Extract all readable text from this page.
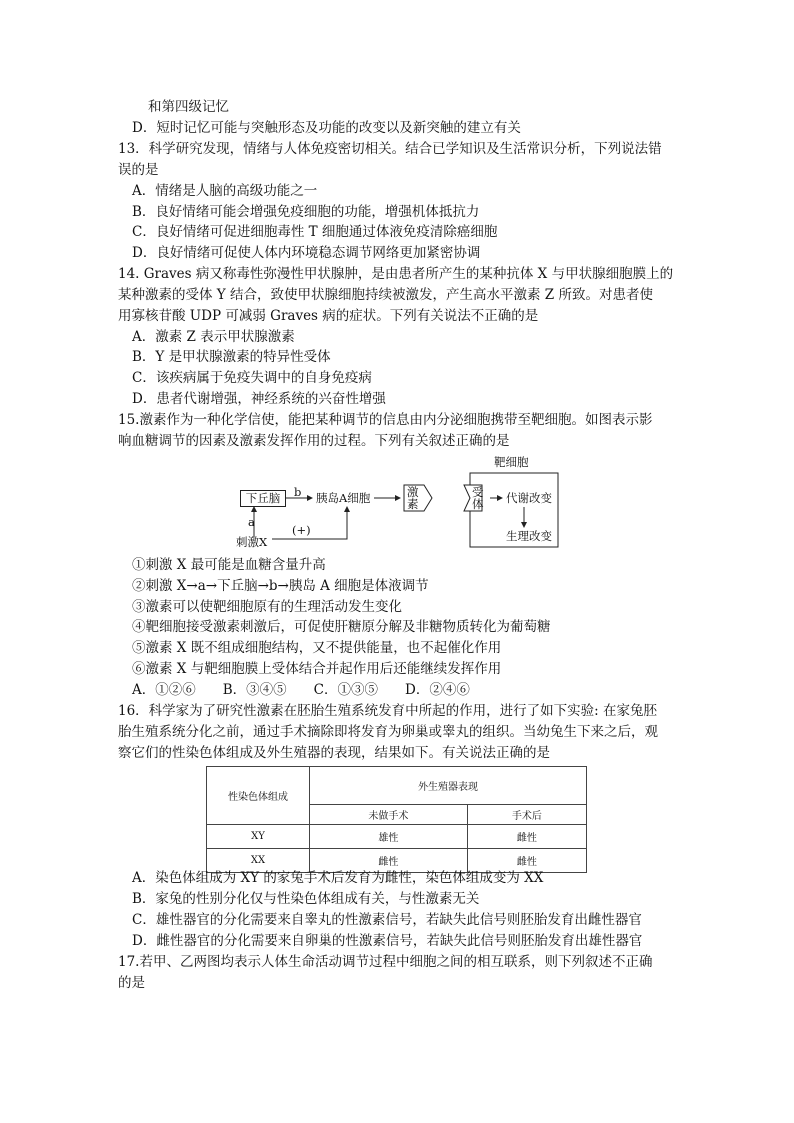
和第四级记忆
D．短时记忆可能与突触形态及功能的改变以及新突触的建立有关
13．科学研究发现，情绪与人体免疫密切相关。结合已学知识及生活常识分析，下列说法错
误的是
A．情绪是人脑的高级功能之一
B．良好情绪可能会增强免疫细胞的功能，增强机体抵抗力
C．良好情绪可促进细胞毒性 T 细胞通过体液免疫清除癌细胞
D．良好情绪可促使人体内环境稳态调节网络更加紧密协调
14. Graves 病又称毒性弥漫性甲状腺肿，是由患者所产生的某种抗体 X 与甲状腺细胞膜上的
某种激素的受体 Y 结合，致使甲状腺细胞持续被激发，产生高水平激素 Z 所致。对患者使
用寡核苷酸 UDP 可减弱 Graves 病的症状。下列有关说法不正确的是
A．激素 Z 表示甲状腺激素
B．Y 是甲状腺激素的特异性受体
C．该疾病属于免疫失调中的自身免疫病
D．患者代谢增强，神经系统的兴奋性增强
15.激素作为一种化学信使，能把某种调节的信息由内分泌细胞携带至靶细胞。如图表示影
响血糖调节的因素及激素发挥作用的过程。下列有关叙述正确的是
靶细胞
下丘脑	b 胰岛A细胞	激素
受体 代谢改变
生理改变
a
(+)
刺激X
①刺激 X 最可能是血糖含量升高
②刺激 X→a→下丘脑→b→胰岛 A 细胞是体液调节
③激素可以使靶细胞原有的生理活动发生变化
④靶细胞接受激素刺激后，可促使肝糖原分解及非糖物质转化为葡萄糖
⑤激素 X 既不组成细胞结构，又不提供能量，也不起催化作用
⑥激素 X 与靶细胞膜上受体结合并起作用后还能继续发挥作用
A．①②⑥　　B．③④⑤　　C．①③⑤　　D．②④⑥
16．科学家为了研究性激素在胚胎生殖系统发育中所起的作用，进行了如下实验: 在家兔胚
胎生殖系统分化之前，通过手术摘除即将发育为卵巢或睾丸的组织。当幼兔生下来之后，观
察它们的性染色体组成及外生殖器的表现，结果如下。有关说法正确的是
性染色体组成	外生殖器表现	
	未做手术	手术后
XY	雄性	雌性
XX	雌性	雌性
A．染色体组成为 XY 的家兔手术后发育为雌性，染色体组成变为 XX
B．家兔的性别分化仅与性染色体组成有关，与性激素无关
C．雄性器官的分化需要来自睾丸的性激素信号，若缺失此信号则胚胎发育出雌性器官
D．雌性器官的分化需要来自卵巢的性激素信号，若缺失此信号则胚胎发育出雄性器官
17.若甲、乙两图均表示人体生命活动调节过程中细胞之间的相互联系，则下列叙述不正确
的是
